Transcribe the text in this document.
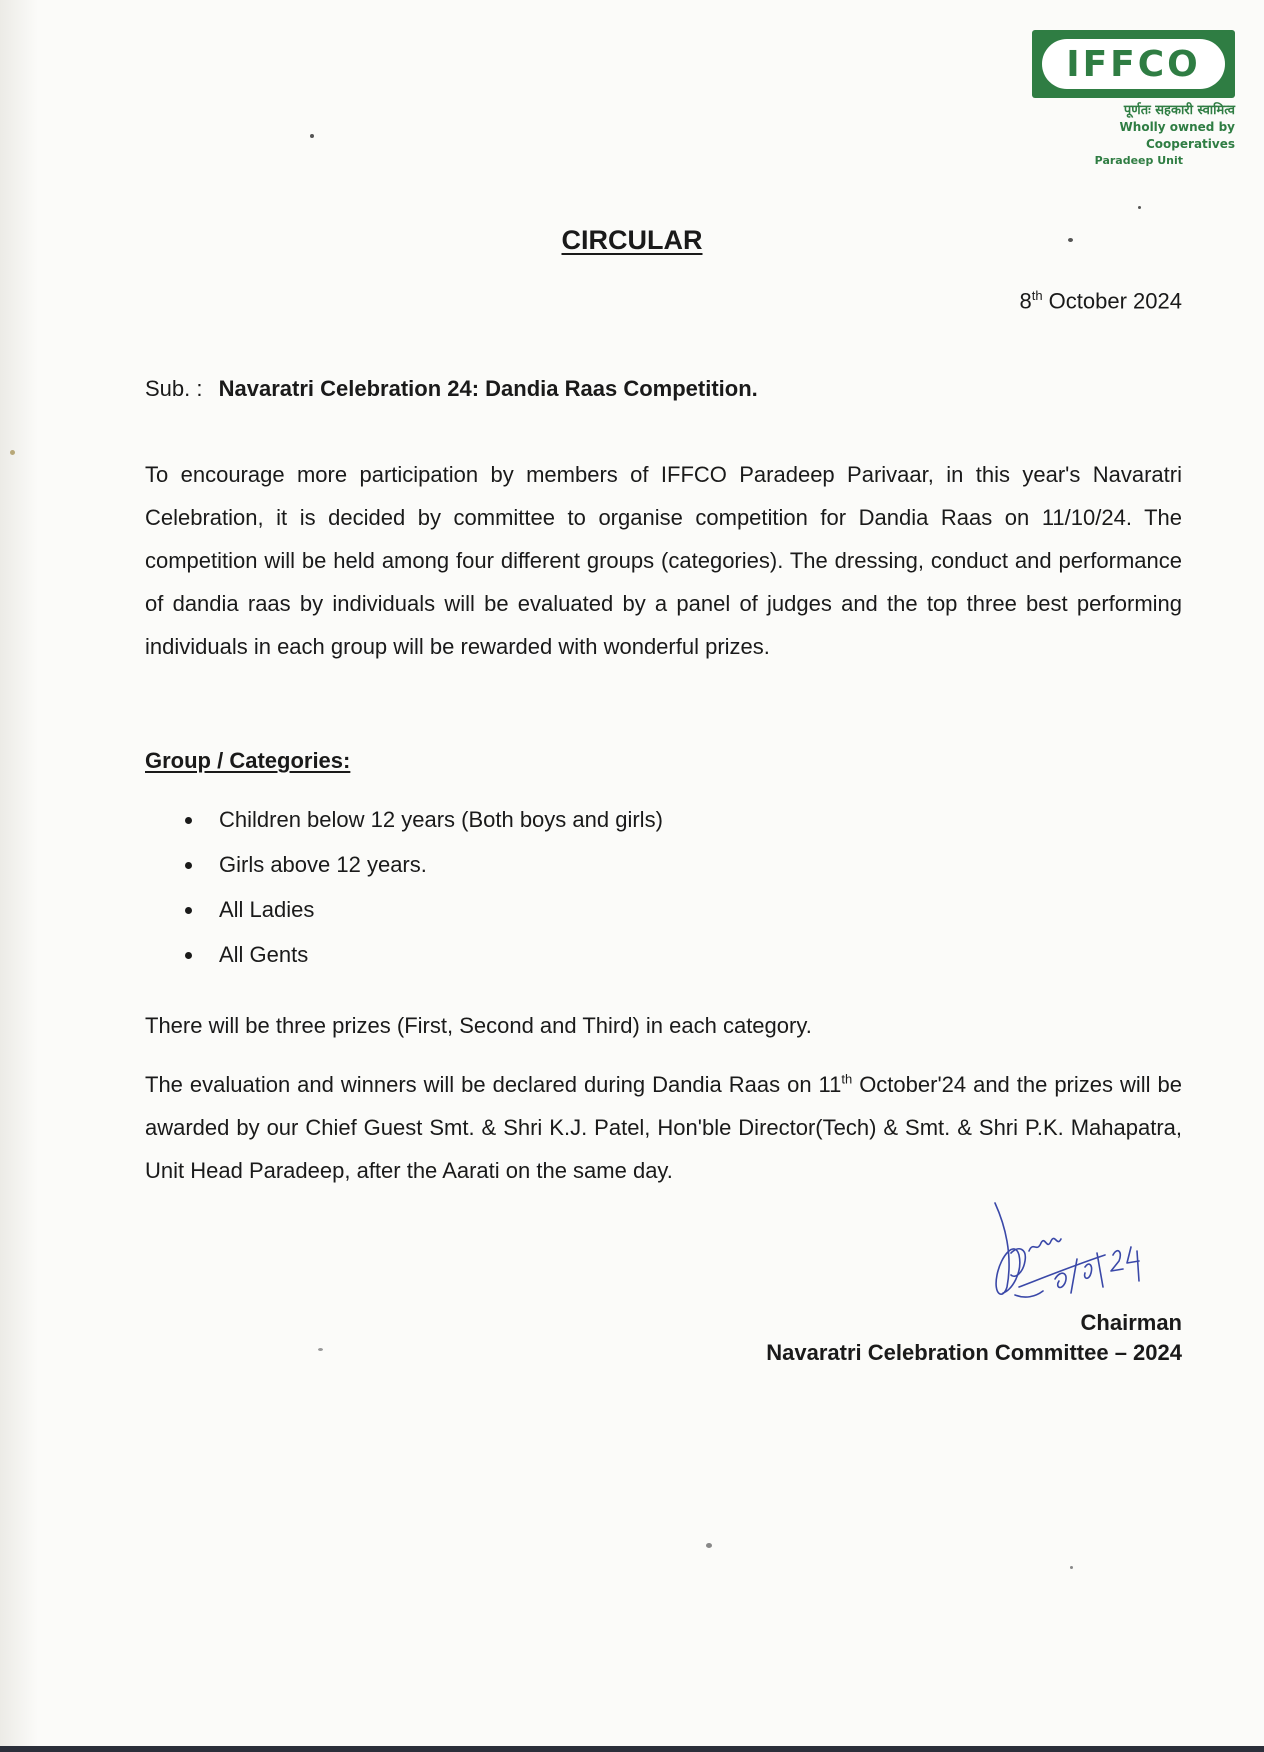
IFFCO
पूर्णतः सहकारी स्वामित्व
Wholly owned by Cooperatives
Paradeep Unit
CIRCULAR
8th October 2024
Sub. : Navaratri Celebration 24: Dandia Raas Competition.
To encourage more participation by members of IFFCO Paradeep Parivaar, in this year's Navaratri Celebration, it is decided by committee to organise competition for Dandia Raas on 11/10/24. The competition will be held among four different groups (categories). The dressing, conduct and performance of dandia raas by individuals will be evaluated by a panel of judges and the top three best performing individuals in each group will be rewarded with wonderful prizes.
Group / Categories:
Children below 12 years (Both boys and girls)
Girls above 12 years.
All Ladies
All Gents
There will be three prizes (First, Second and Third) in each category.
The evaluation and winners will be declared during Dandia Raas on 11th October'24 and the prizes will be awarded by our Chief Guest Smt. & Shri K.J. Patel, Hon'ble Director(Tech) & Smt. & Shri P.K. Mahapatra, Unit Head Paradeep, after the Aarati on the same day.
Chairman
Navaratri Celebration Committee – 2024
